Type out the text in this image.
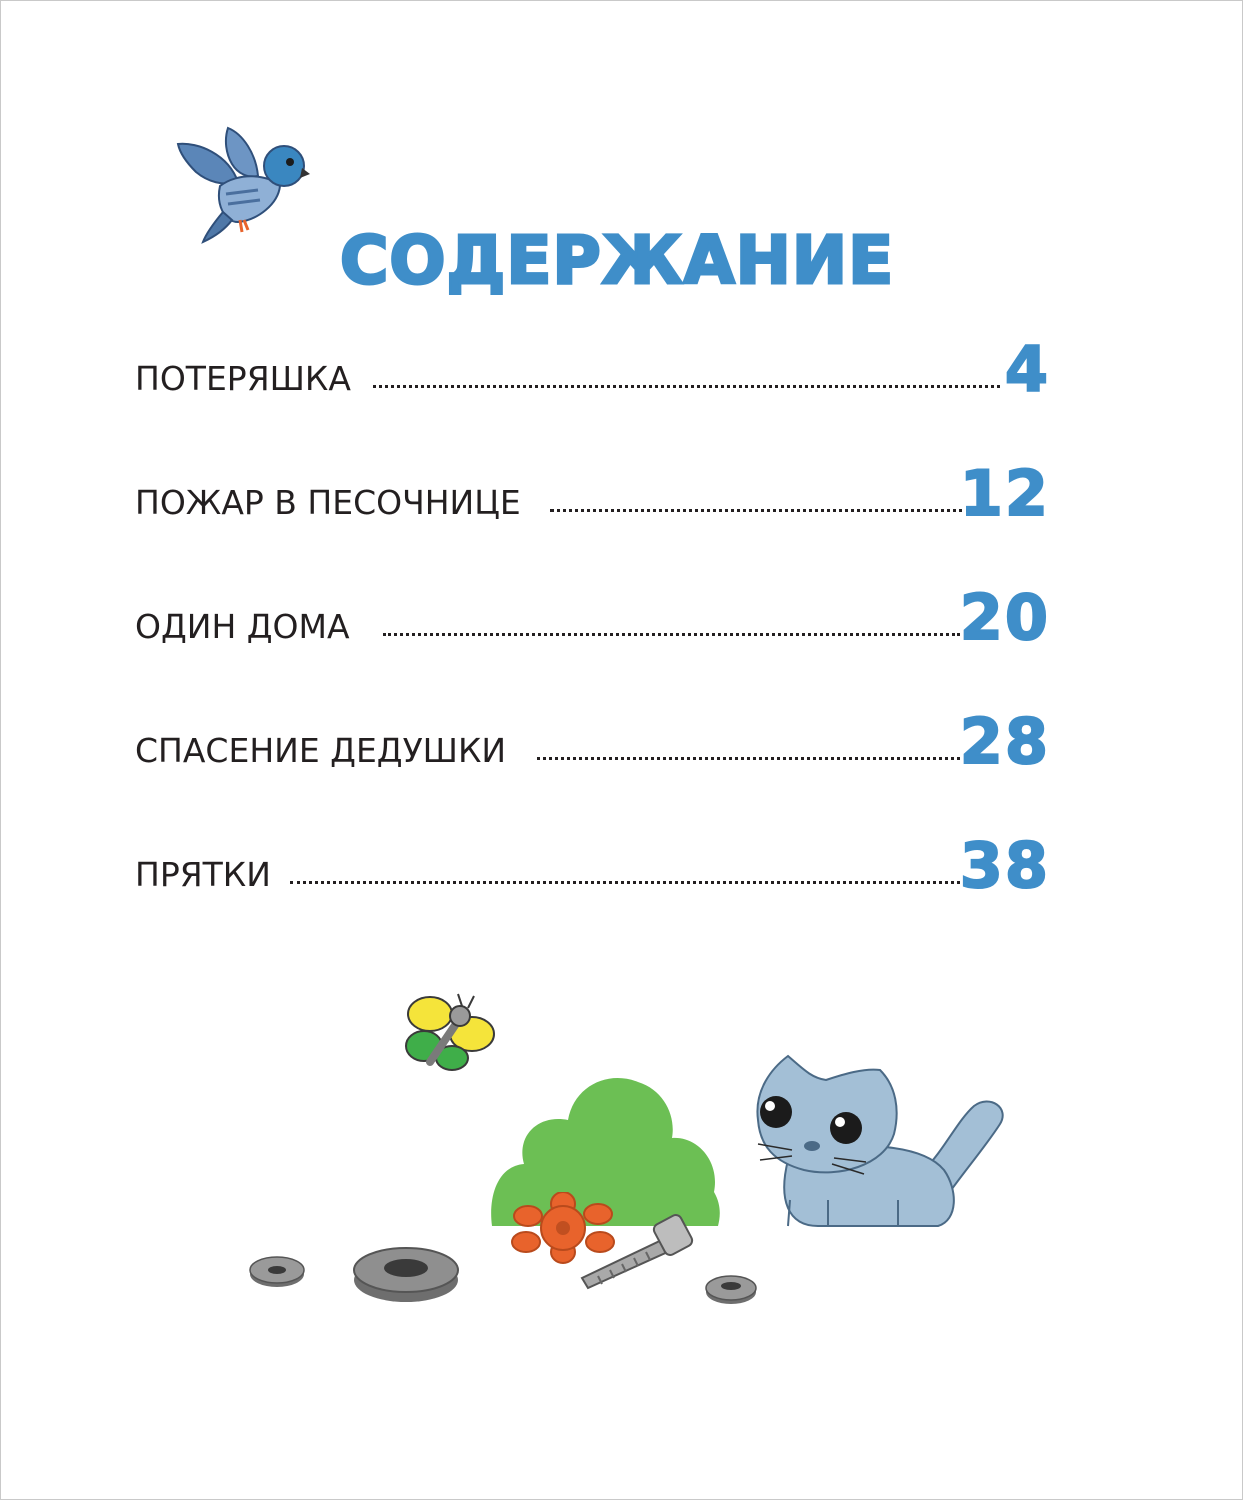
СОДЕРЖАНИЕ
ПОТЕРЯШКА	4
ПОЖАР В ПЕСОЧНИЦЕ	12
ОДИН ДОМА	20
СПАСЕНИЕ ДЕДУШКИ	28
ПРЯТКИ	38
